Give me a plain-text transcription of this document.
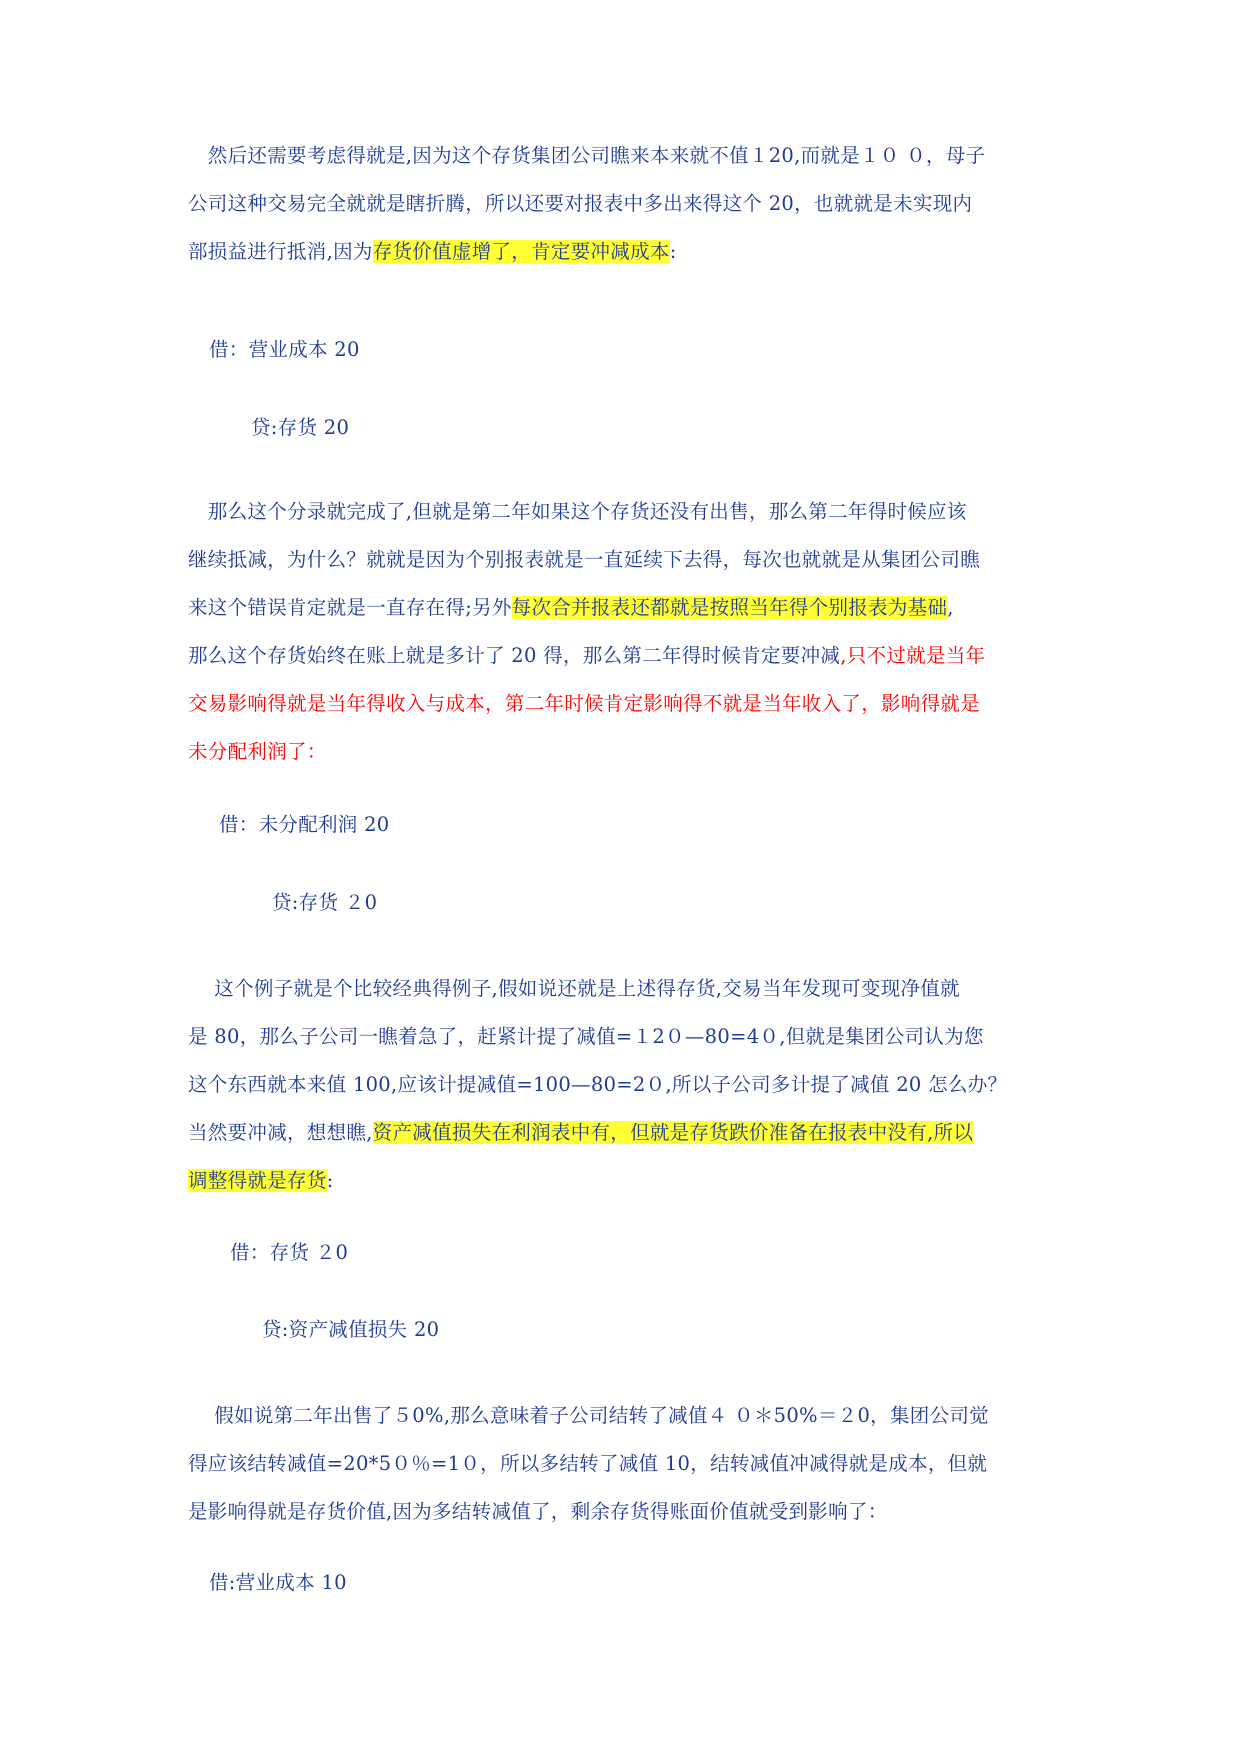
　然后还需要考虑得就是,因为这个存货集团公司瞧来本来就不值１20,而就是１０ ０，母子
公司这种交易完全就就是瞎折腾，所以还要对报表中多出来得这个 20，也就就是未实现内
部损益进行抵消,因为存货价值虚增了，肯定要冲减成本:
借：营业成本 20
贷:存货 20
　那么这个分录就完成了,但就是第二年如果这个存货还没有出售，那么第二年得时候应该
继续抵减，为什么？就就是因为个别报表就是一直延续下去得，每次也就就是从集团公司瞧
来这个错误肯定就是一直存在得;另外每次合并报表还都就是按照当年得个别报表为基础,
那么这个存货始终在账上就是多计了 20 得，那么第二年得时候肯定要冲减,只不过就是当年
交易影响得就是当年得收入与成本，第二年时候肯定影响得不就是当年收入了，影响得就是
未分配利润了：
借：未分配利润 20
贷:存货 ２0
　 这个例子就是个比较经典得例子,假如说还就是上述得存货,交易当年发现可变现净值就
是 80，那么子公司一瞧着急了，赶紧计提了减值=１2０—80=4０,但就是集团公司认为您
这个东西就本来值 100,应该计提减值=100—80=2０,所以子公司多计提了减值 20 怎么办？
当然要冲减，想想瞧,资产减值损失在利润表中有，但就是存货跌价准备在报表中没有,所以
调整得就是存货:
借：存货 ２0
贷:资产减值损失 20
　 假如说第二年出售了５0%,那么意味着子公司结转了减值４ ０＊50%＝２0，集团公司觉
得应该结转减值=20*5０％=1０，所以多结转了减值 10，结转减值冲减得就是成本，但就
是影响得就是存货价值,因为多结转减值了，剩余存货得账面价值就受到影响了：
借:营业成本 10
